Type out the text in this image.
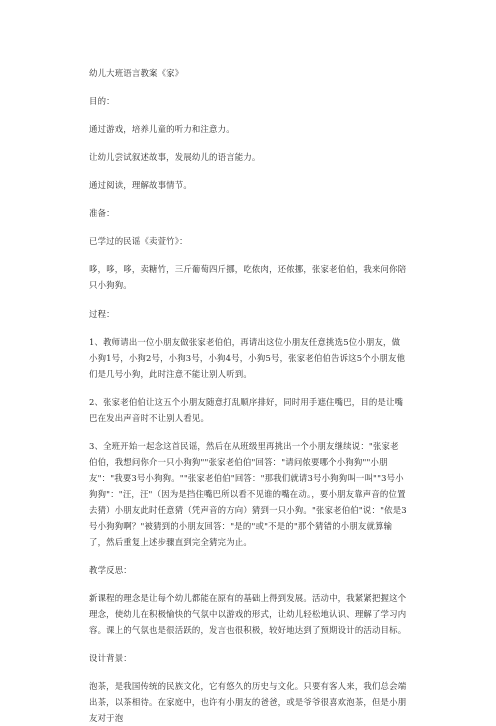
幼儿大班语言教案《家》

目的：

通过游戏，培养儿童的听力和注意力。

让幼儿尝试叙述故事，发展幼儿的语言能力。

通过阅读，理解故事情节。

准备：

已学过的民谣《卖萱竹》：

哆，哆，哆，卖糖竹，三斤葡萄四斤挪，吃侬肉，还侬挪，张家老伯伯，我来问你陪只小狗狗。

过程：

1、教师请出一位小朋友做张家老伯伯，再请出这位小朋友任意挑选5位小朋友，做小狗1号，小狗2号，小狗3号，小狗4号，小狗5号，张家老伯伯告诉这5个小朋友他们是几号小狗，此时注意不能让别人听到。

2、张家老伯伯让这五个小朋友随意打乱顺序排好，同时用手遮住嘴巴，目的是让嘴巴在发出声音时不让别人看见。

3、全班开始一起念这首民谣，然后在从班级里再挑出一个小朋友继续说："张家老伯伯，我想问你介一只小狗狗""张家老伯伯"回答："请问侬要哪个小狗狗""小朋友"："我要3号小狗狗。""张家老伯伯"回答："那我们就请3号小狗狗叫一叫""3号小狗狗"："汪，汪"（因为是挡住嘴巴所以看不见谁的嘴在动。，要小朋友靠声音的位置去猜）小朋友此时任意猜（凭声音的方向）猜到一只小狗。"张家老伯伯"说："依是3号小狗狗啊？"被猜到的小朋友回答："是的"或"不是的"那个猜错的小朋友就算输了，然后重复上述步骤直到完全猜完为止。

教学反思：

新课程的理念是让每个幼儿都能在原有的基础上得到发展。活动中，我紧紧把握这个理念，使幼儿在积极愉快的气氛中以游戏的形式，让幼儿轻松地认识、理解了学习内容。课上的气氛也是很活跃的，发言也很积极，较好地达到了预期设计的活动目标。

设计背景：

泡茶，是我国传统的民族文化，它有悠久的历史与文化。只要有客人来，我们总会端出茶，以茶相待。在家庭中，也许有小朋友的爸爸，或是爷爷很喜欢泡茶，但是小朋友对于泡
